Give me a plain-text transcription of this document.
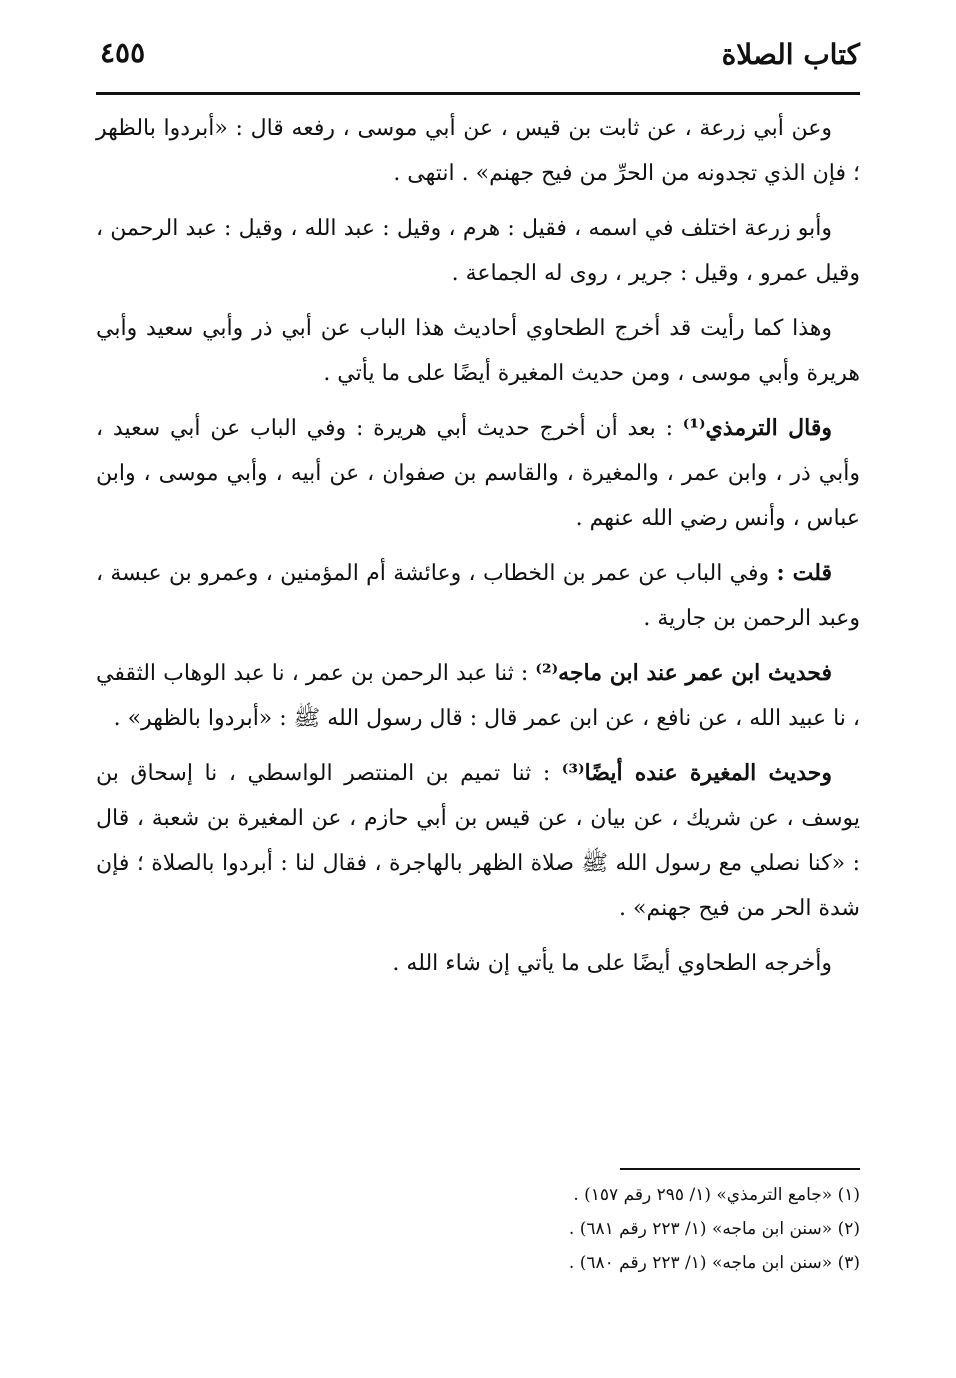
كتاب الصلاة
٤٥٥

وعن أبي زرعة ، عن ثابت بن قيس ، عن أبي موسى ، رفعه قال : «أبردوا بالظهر ؛ فإن الذي تجدونه من الحرِّ من فيح جهنم» . انتهى .

وأبو زرعة اختلف في اسمه ، فقيل : هرم ، وقيل : عبد الله ، وقيل : عبد الرحمن ، وقيل عمرو ، وقيل : جرير ، روى له الجماعة .

وهذا كما رأيت قد أخرج الطحاوي أحاديث هذا الباب عن أبي ذر وأبي سعيد وأبي هريرة وأبي موسى ، ومن حديث المغيرة أيضًا على ما يأتي .

وقال الترمذي⁽¹⁾ : بعد أن أخرج حديث أبي هريرة : وفي الباب عن أبي سعيد ، وأبي ذر ، وابن عمر ، والمغيرة ، والقاسم بن صفوان ، عن أبيه ، وأبي موسى ، وابن عباس ، وأنس رضي الله عنهم .

قلت : وفي الباب عن عمر بن الخطاب ، وعائشة أم المؤمنين ، وعمرو بن عبسة ، وعبد الرحمن بن جارية .

فحديث ابن عمر عند ابن ماجه⁽²⁾ : ثنا عبد الرحمن بن عمر ، نا عبد الوهاب الثقفي ، نا عبيد الله ، عن نافع ، عن ابن عمر قال : قال رسول الله ﷺ : «أبردوا بالظهر» .

وحديث المغيرة عنده أيضًا⁽³⁾ : ثنا تميم بن المنتصر الواسطي ، نا إسحاق بن يوسف ، عن شريك ، عن بيان ، عن قيس بن أبي حازم ، عن المغيرة بن شعبة ، قال : «كنا نصلي مع رسول الله ﷺ صلاة الظهر بالهاجرة ، فقال لنا : أبردوا بالصلاة ؛ فإن شدة الحر من فيح جهنم» .

وأخرجه الطحاوي أيضًا على ما يأتي إن شاء الله .

(١) «جامع الترمذي» (١/ ٢٩٥ رقم ١٥٧) .

(٢) «سنن ابن ماجه» (١/ ٢٢٣ رقم ٦٨١) .

(٣) «سنن ابن ماجه» (١/ ٢٢٣ رقم ٦٨٠) .
